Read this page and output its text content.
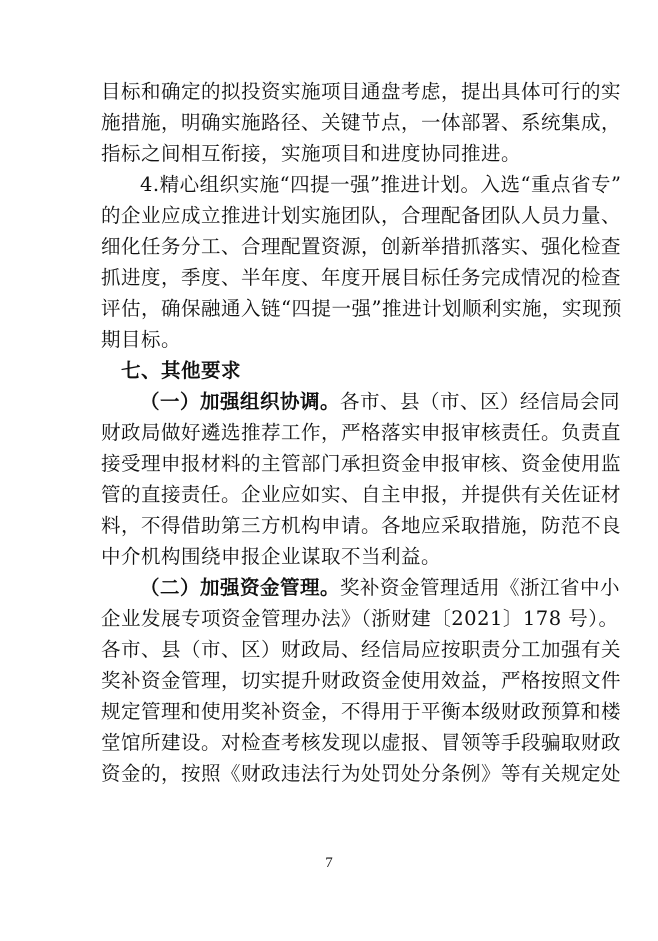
目标和确定的拟投资实施项目通盘考虑，提出具体可行的实
施措施，明确实施路径、关键节点，一体部署、系统集成，
指标之间相互衔接，实施项目和进度协同推进。
4.精心组织实施“四提一强”推进计划。入选“重点省专”
的企业应成立推进计划实施团队，合理配备团队人员力量、
细化任务分工、合理配置资源，创新举措抓落实、强化检查
抓进度，季度、半年度、年度开展目标任务完成情况的检查
评估，确保融通入链“四提一强”推进计划顺利实施，实现预
期目标。
七、其他要求
（一）加强组织协调。各市、县（市、区）经信局会同
财政局做好遴选推荐工作，严格落实申报审核责任。负责直
接受理申报材料的主管部门承担资金申报审核、资金使用监
管的直接责任。企业应如实、自主申报，并提供有关佐证材
料，不得借助第三方机构申请。各地应采取措施，防范不良
中介机构围绕申报企业谋取不当利益。
（二）加强资金管理。奖补资金管理适用《浙江省中小
企业发展专项资金管理办法》（浙财建〔2021〕178 号）。
各市、县（市、区）财政局、经信局应按职责分工加强有关
奖补资金管理，切实提升财政资金使用效益，严格按照文件
规定管理和使用奖补资金，不得用于平衡本级财政预算和楼
堂馆所建设。对检查考核发现以虚报、冒领等手段骗取财政
资金的，按照《财政违法行为处罚处分条例》等有关规定处
7
